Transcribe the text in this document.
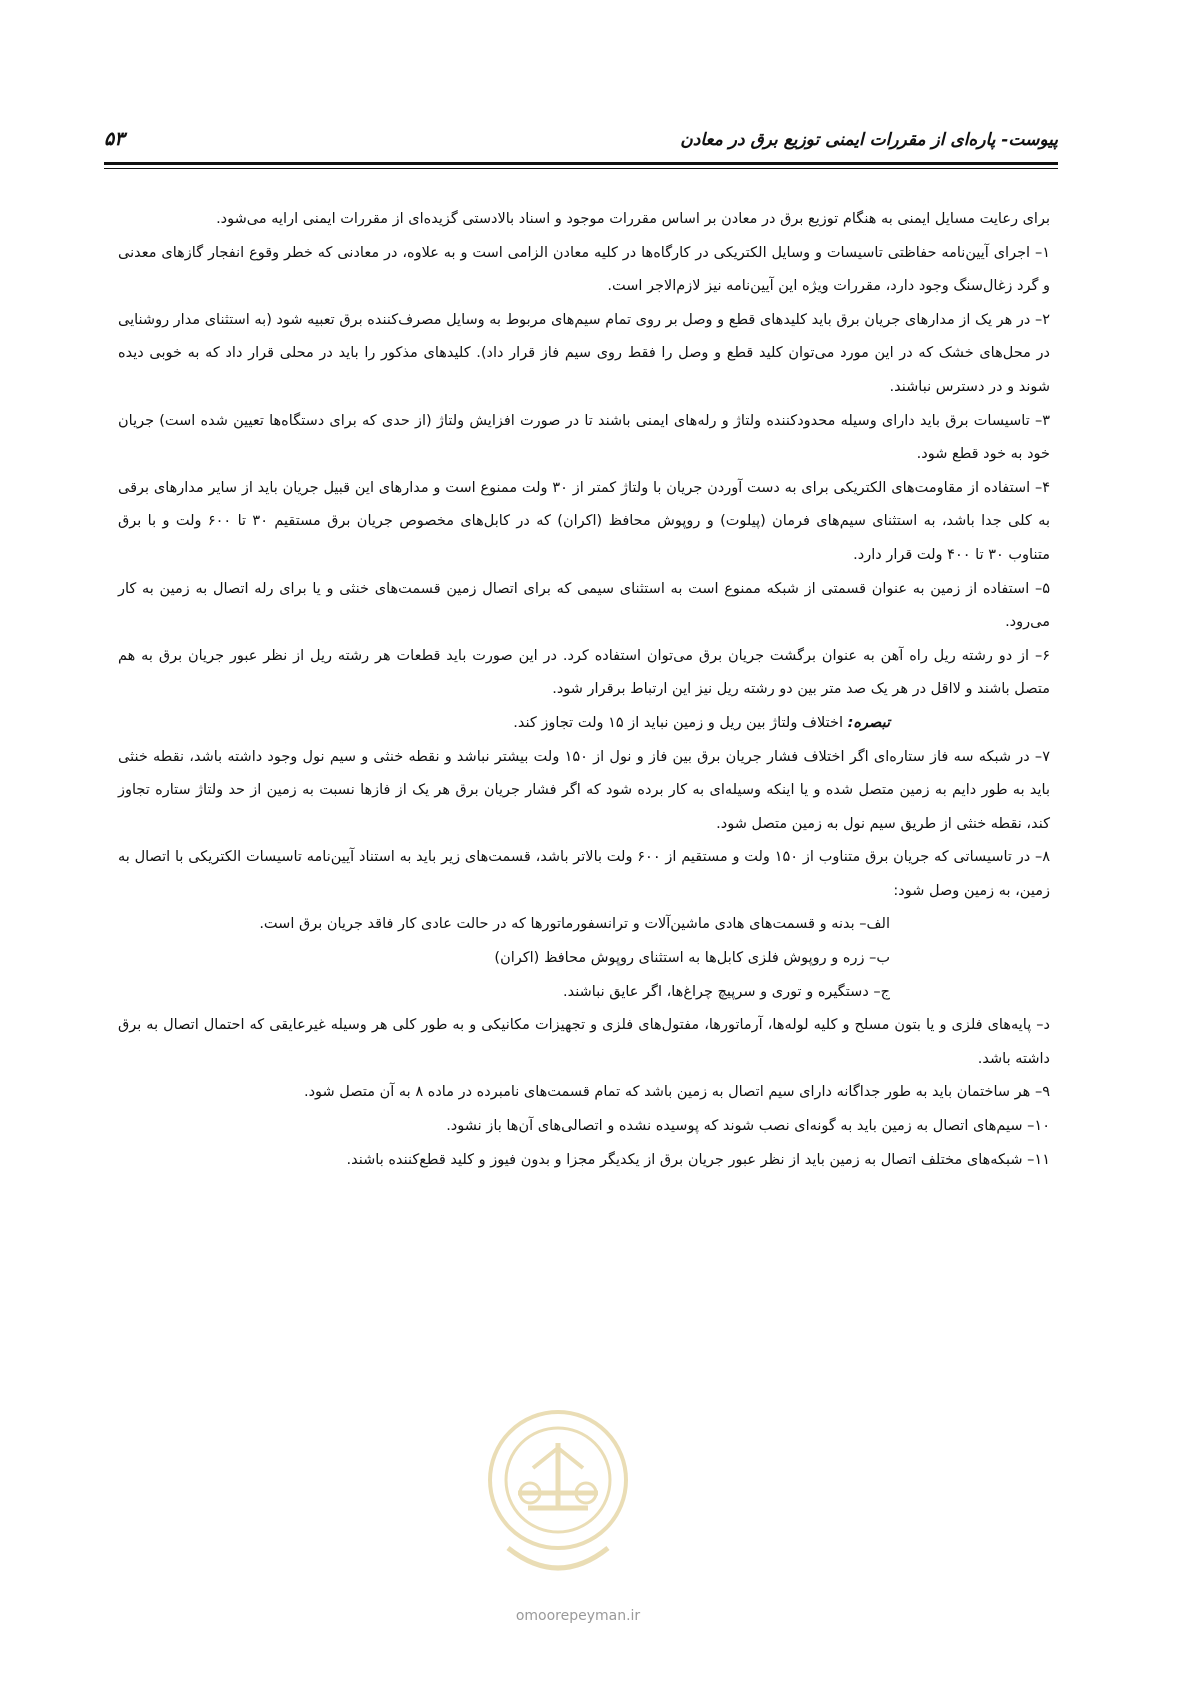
پیوست- پاره‌ای از مقررات ایمنی توزیع برق در معادن
۵۳

برای رعایت مسایل ایمنی به هنگام توزیع برق در معادن بر اساس مقررات موجود و اسناد بالادستی گزیده‌ای از مقررات ایمنی ارایه می‌شود.

۱– اجرای آیین‌نامه حفاظتی تاسیسات و وسایل الکتریکی در کارگاه‌ها در کلیه معادن الزامی است و به علاوه، در معادنی که خطر وقوع انفجار گازهای معدنی و گرد زغال‌سنگ وجود دارد، مقررات ویژه این آیین‌نامه نیز لازم‌الاجر است.

۲– در هر یک از مدارهای جریان برق باید کلیدهای قطع و وصل بر روی تمام سیم‌های مربوط به وسایل مصرف‌کننده برق تعبیه شود (به استثنای مدار روشنایی در محل‌های خشک که در این مورد می‌توان کلید قطع و وصل را فقط روی سیم فاز قرار داد). کلیدهای مذکور را باید در محلی قرار داد که به خوبی دیده شوند و در دسترس نباشند.

۳– تاسیسات برق باید دارای وسیله محدودکننده ولتاژ و رله‌های ایمنی باشند تا در صورت افزایش ولتاژ (از حدی که برای دستگاه‌ها تعیین شده است) جریان خود به خود قطع شود.

۴– استفاده از مقاومت‌های الکتریکی برای به دست آوردن جریان با ولتاژ کمتر از ۳۰ ولت ممنوع است و مدارهای این قبیل جریان باید از سایر مدارهای برقی به کلی جدا باشد، به استثنای سیم‌های فرمان (پیلوت) و روپوش محافظ (اکران) که در کابل‌های مخصوص جریان برق مستقیم ۳۰ تا ۶۰۰ ولت و با برق متناوب ۳۰ تا ۴۰۰ ولت قرار دارد.

۵– استفاده از زمین به عنوان قسمتی از شبکه ممنوع است به استثنای سیمی که برای اتصال زمین قسمت‌های خنثی و یا برای رله اتصال به زمین به کار می‌رود.

۶– از دو رشته ریل راه آهن به عنوان برگشت جریان برق می‌توان استفاده کرد. در این صورت باید قطعات هر رشته ریل از نظر عبور جریان برق به هم متصل باشند و لااقل در هر یک صد متر بین دو رشته ریل نیز این ارتباط برقرار شود.

تبصره: اختلاف ولتاژ بین ریل و زمین نباید از ۱۵ ولت تجاوز کند.

۷– در شبکه سه فاز ستاره‌ای اگر اختلاف فشار جریان برق بین فاز و نول از ۱۵۰ ولت بیشتر نباشد و نقطه خنثی و سیم نول وجود داشته باشد، نقطه خنثی باید به طور دایم به زمین متصل شده و یا اینکه وسیله‌ای به کار برده شود که اگر فشار جریان برق هر یک از فازها نسبت به زمین از حد ولتاژ ستاره تجاوز کند، نقطه خنثی از طریق سیم نول به زمین متصل شود.

۸– در تاسیساتی که جریان برق متناوب از ۱۵۰ ولت و مستقیم از ۶۰۰ ولت بالاتر باشد، قسمت‌های زیر باید به استناد آیین‌نامه تاسیسات الکتریکی با اتصال به زمین، به زمین وصل شود:

الف– بدنه و قسمت‌های هادی ماشین‌آلات و ترانسفورماتورها که در حالت عادی کار فاقد جریان برق است.

ب– زره و روپوش فلزی کابل‌ها به استثنای روپوش محافظ (اکران)

ج– دستگیره و توری و سرپیچ چراغ‌ها، اگر عایق نباشند.

د– پایه‌های فلزی و یا بتون مسلح و کلیه لوله‌ها، آرماتورها، مفتول‌های فلزی و تجهیزات مکانیکی و به طور کلی هر وسیله غیرعایقی که احتمال اتصال به برق داشته باشد.

۹– هر ساختمان باید به طور جداگانه دارای سیم اتصال به زمین باشد که تمام قسمت‌های نامبرده در ماده ۸ به آن متصل شود.

۱۰– سیم‌های اتصال به زمین باید به گونه‌ای نصب شوند که پوسیده نشده و اتصالی‌های آن‌ها باز نشود.

۱۱– شبکه‌های مختلف اتصال به زمین باید از نظر عبور جریان برق از یکدیگر مجزا و بدون فیوز و کلید قطع‌کننده باشند.

omoorepeyman.ir
